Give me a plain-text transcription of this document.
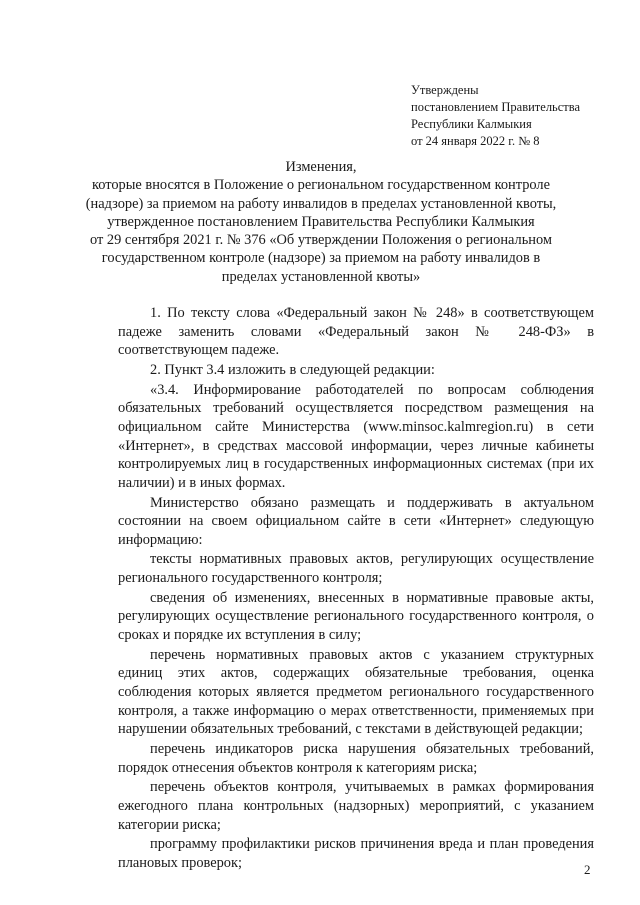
Утверждены
постановлением Правительства
Республики Калмыкия
от 24 января 2022 г. № 8
Изменения,
которые вносятся в Положение о региональном государственном контроле
(надзоре) за приемом на работу инвалидов в пределах установленной квоты,
утвержденное постановлением Правительства Республики Калмыкия
от 29 сентября 2021 г. № 376 «Об утверждении Положения о региональном
государственном контроле (надзоре) за приемом на работу инвалидов в
пределах установленной квоты»

1. По тексту слова «Федеральный закон № 248» в соответствующем падеже заменить словами «Федеральный закон № 248-ФЗ» в соответствующем падеже.

2. Пункт 3.4 изложить в следующей редакции:

«3.4. Информирование работодателей по вопросам соблюдения обязательных требований осуществляется посредством размещения на официальном сайте Министерства (www.minsoc.kalmregion.ru) в сети «Интернет», в средствах массовой информации, через личные кабинеты контролируемых лиц в государственных информационных системах (при их наличии) и в иных формах.

Министерство обязано размещать и поддерживать в актуальном состоянии на своем официальном сайте в сети «Интернет» следующую информацию:

тексты нормативных правовых актов, регулирующих осуществление регионального государственного контроля;

сведения об изменениях, внесенных в нормативные правовые акты, регулирующих осуществление регионального государственного контроля, о сроках и порядке их вступления в силу;

перечень нормативных правовых актов с указанием структурных единиц этих актов, содержащих обязательные требования, оценка соблюдения которых является предметом регионального государственного контроля, а также информацию о мерах ответственности, применяемых при нарушении обязательных требований, с текстами в действующей редакции;

перечень индикаторов риска нарушения обязательных требований, порядок отнесения объектов контроля к категориям риска;

перечень объектов контроля, учитываемых в рамках формирования ежегодного плана контрольных (надзорных) мероприятий, с указанием категории риска;

программу профилактики рисков причинения вреда и план проведения плановых проверок;	2
